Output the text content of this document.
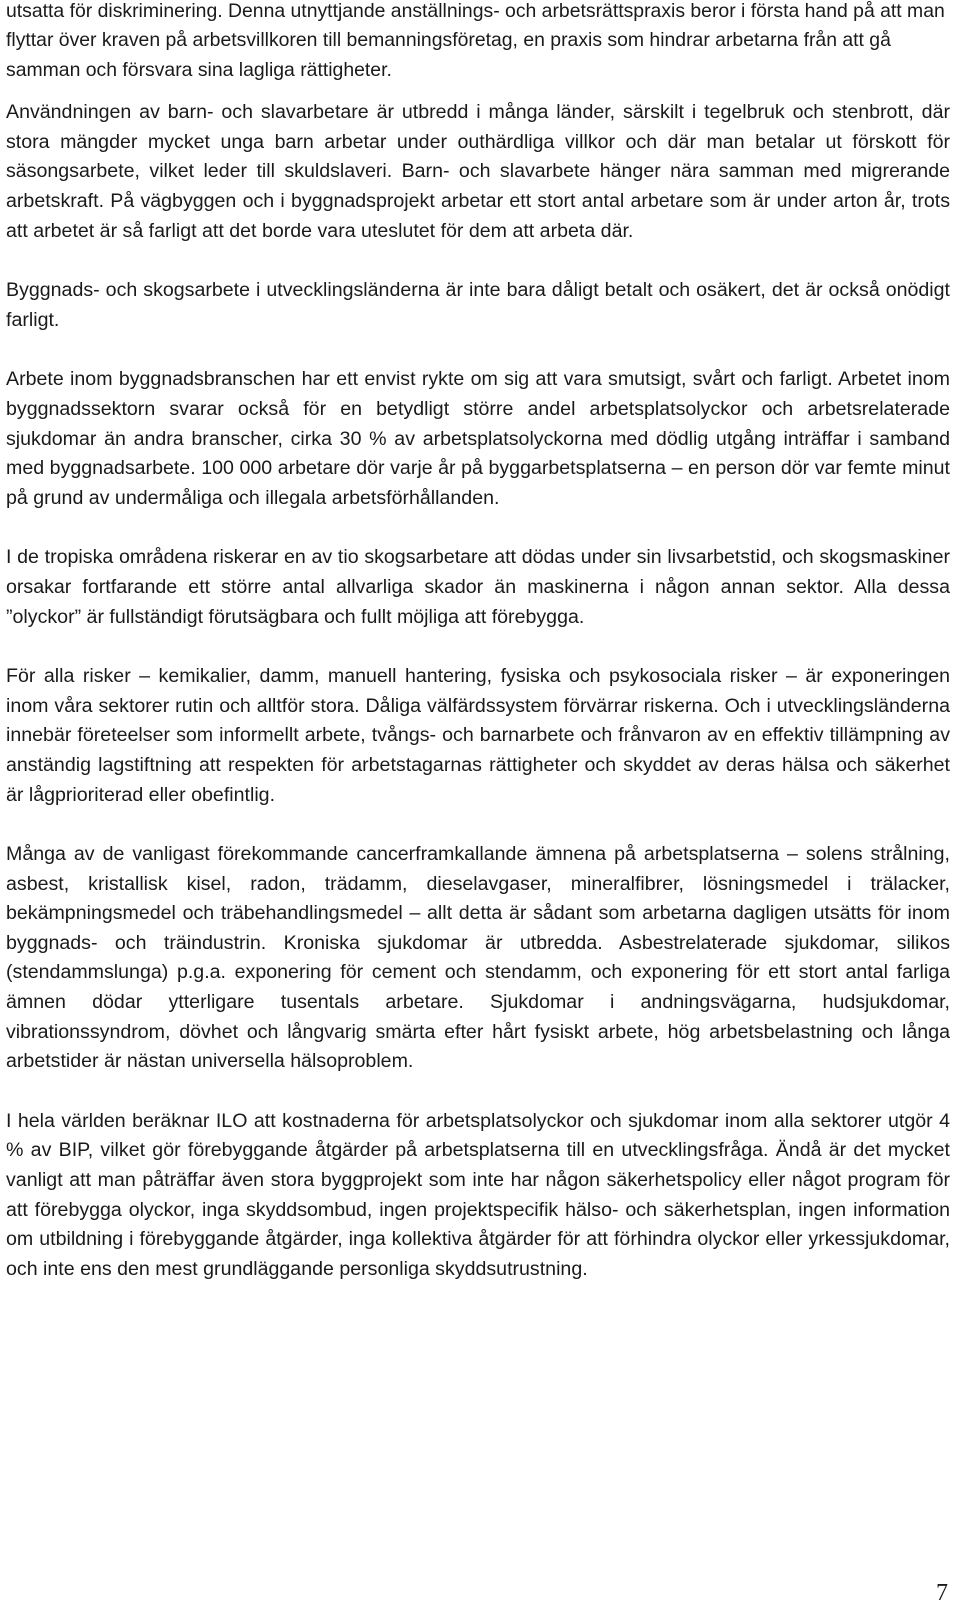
utsatta för diskriminering. Denna utnyttjande anställnings- och arbetsrättspraxis beror i första hand på att man flyttar över kraven på arbetsvillkoren till bemanningsföretag, en praxis som hindrar arbetarna från att gå samman och försvara sina lagliga rättigheter.

Användningen av barn- och slavarbetare är utbredd i många länder, särskilt i tegelbruk och stenbrott, där stora mängder mycket unga barn arbetar under outhärdliga villkor och där man betalar ut förskott för säsongsarbete, vilket leder till skuldslaveri. Barn- och slavarbete hänger nära samman med migrerande arbetskraft. På vägbyggen och i byggnadsprojekt arbetar ett stort antal arbetare som är under arton år, trots att arbetet är så farligt att det borde vara uteslutet för dem att arbeta där.

Byggnads- och skogsarbete i utvecklingsländerna är inte bara dåligt betalt och osäkert, det är också onödigt farligt.

Arbete inom byggnadsbranschen har ett envist rykte om sig att vara smutsigt, svårt och farligt. Arbetet inom byggnadssektorn svarar också för en betydligt större andel arbetsplatsolyckor och arbetsrelaterade sjukdomar än andra branscher, cirka 30 % av arbetsplatsolyckorna med dödlig utgång inträffar i samband med byggnadsarbete. 100 000 arbetare dör varje år på byggarbetsplatserna – en person dör var femte minut på grund av undermåliga och illegala arbetsförhållanden.

I de tropiska områdena riskerar en av tio skogsarbetare att dödas under sin livsarbetstid, och skogsmaskiner orsakar fortfarande ett större antal allvarliga skador än maskinerna i någon annan sektor. Alla dessa ”olyckor” är fullständigt förutsägbara och fullt möjliga att förebygga.

För alla risker – kemikalier, damm, manuell hantering, fysiska och psykosociala risker – är exponeringen inom våra sektorer rutin och alltför stora. Dåliga välfärdssystem förvärrar riskerna. Och i utvecklingsländerna innebär företeelser som informellt arbete, tvångs- och barnarbete och frånvaron av en effektiv tillämpning av anständig lagstiftning att respekten för arbetstagarnas rättigheter och skyddet av deras hälsa och säkerhet är lågprioriterad eller obefintlig.

Många av de vanligast förekommande cancerframkallande ämnena på arbetsplatserna – solens strålning, asbest, kristallisk kisel, radon, trädamm, dieselavgaser, mineralfibrer, lösningsmedel i trälacker, bekämpningsmedel och träbehandlingsmedel – allt detta är sådant som arbetarna dagligen utsätts för inom byggnads- och träindustrin. Kroniska sjukdomar är utbredda. Asbestrelaterade sjukdomar, silikos (stendammslunga) p.g.a. exponering för cement och stendamm, och exponering för ett stort antal farliga ämnen dödar ytterligare tusentals arbetare. Sjukdomar i andningsvägarna, hudsjukdomar, vibrationssyndrom, dövhet och långvarig smärta efter hårt fysiskt arbete, hög arbetsbelastning och långa arbetstider är nästan universella hälsoproblem.

I hela världen beräknar ILO att kostnaderna för arbetsplatsolyckor och sjukdomar inom alla sektorer utgör 4 % av BIP, vilket gör förebyggande åtgärder på arbetsplatserna till en utvecklingsfråga. Ändå är det mycket vanligt att man påträffar även stora byggprojekt som inte har någon säkerhetspolicy eller något program för att förebygga olyckor, inga skyddsombud, ingen projektspecifik hälso- och säkerhetsplan, ingen information om utbildning i förebyggande åtgärder, inga kollektiva åtgärder för att förhindra olyckor eller yrkessjukdomar, och inte ens den mest grundläggande personliga skyddsutrustning.

7
